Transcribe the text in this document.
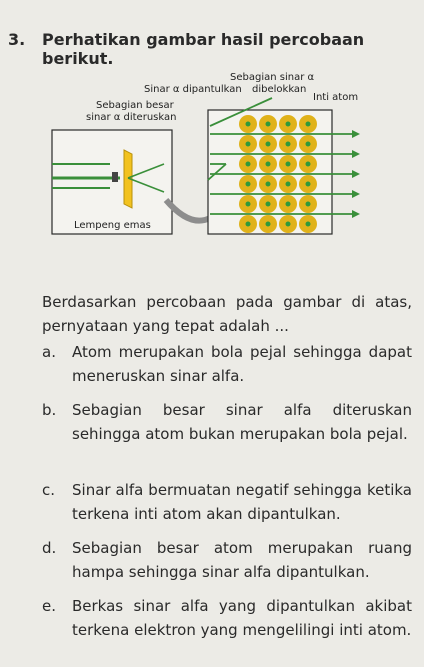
3. Perhatikan gambar hasil percobaan berikut.
Sebagian sinar α
Sinar α dipantulkan dibelokkan
Inti atom
Sebagian besar
sinar α diteruskan
Lempeng emas
Berdasarkan percobaan pada gambar di atas, pernyataan yang tepat adalah ...
a. Atom merupakan bola pejal sehingga dapat meneruskan sinar alfa.
b. Sebagian besar sinar alfa diteruskan sehingga atom bukan merupakan bola pejal.
c. Sinar alfa bermuatan negatif sehingga ketika terkena inti atom akan dipantulkan.
d. Sebagian besar atom merupakan ruang hampa sehingga sinar alfa dipantulkan.
e. Berkas sinar alfa yang dipantulkan akibat terkena elektron yang mengelilingi inti atom.
